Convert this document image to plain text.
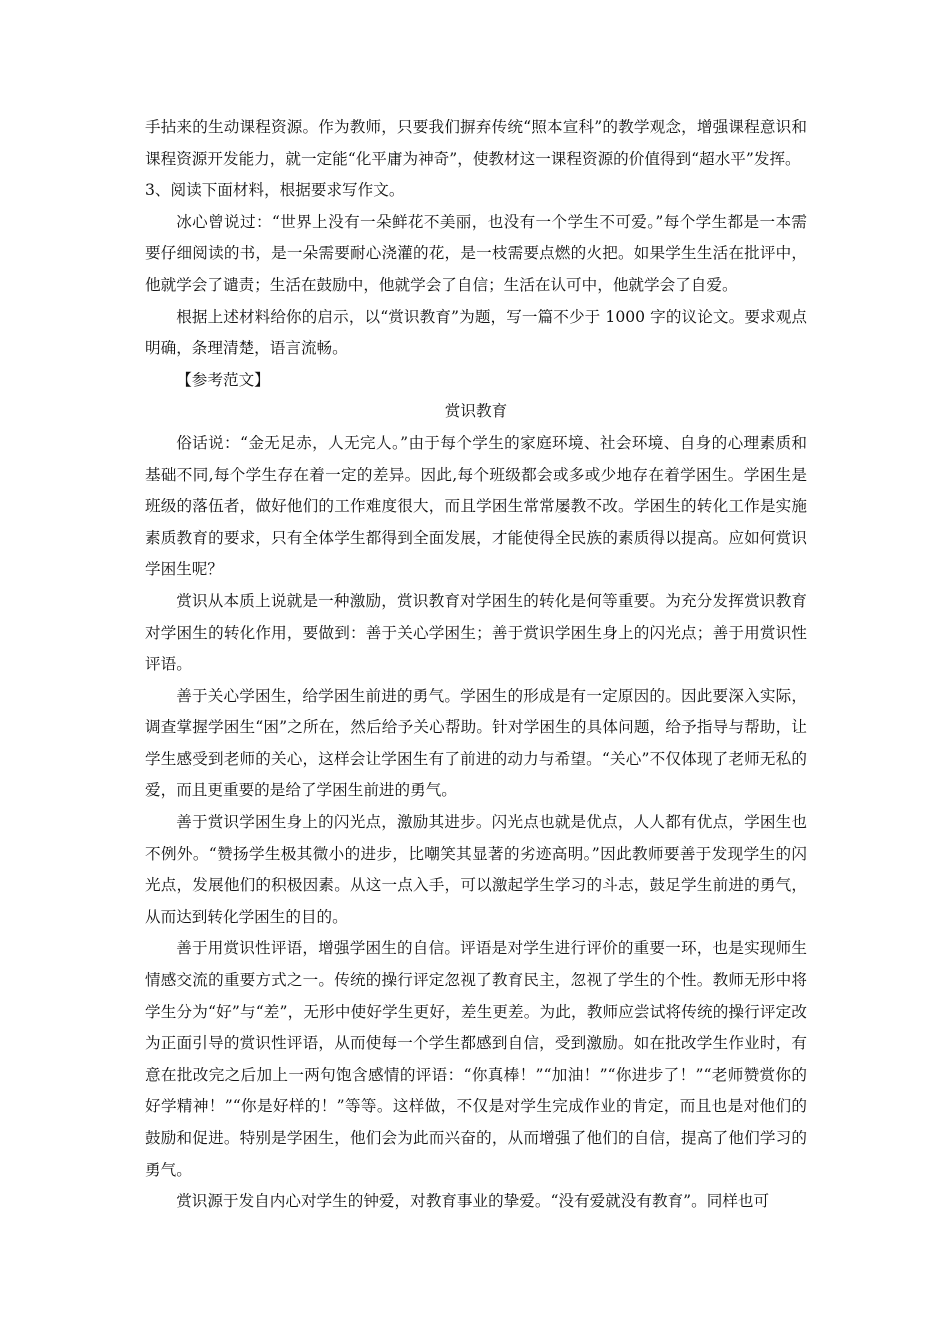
手拈来的生动课程资源。作为教师，只要我们摒弃传统“照本宣科”的教学观念，增强课程意识和课程资源开发能力，就一定能“化平庸为神奇”，使教材这一课程资源的价值得到“超水平”发挥。

3、阅读下面材料，根据要求写作文。

冰心曾说过：“世界上没有一朵鲜花不美丽，也没有一个学生不可爱。”每个学生都是一本需要仔细阅读的书，是一朵需要耐心浇灌的花，是一枝需要点燃的火把。如果学生生活在批评中，他就学会了谴责；生活在鼓励中，他就学会了自信；生活在认可中，他就学会了自爱。

根据上述材料给你的启示，以“赏识教育”为题，写一篇不少于 1000 字的议论文。要求观点明确，条理清楚，语言流畅。

【参考范文】

赏识教育

俗话说：“金无足赤，人无完人。”由于每个学生的家庭环境、社会环境、自身的心理素质和基础不同,每个学生存在着一定的差异。因此,每个班级都会或多或少地存在着学困生。学困生是班级的落伍者，做好他们的工作难度很大，而且学困生常常屡教不改。学困生的转化工作是实施素质教育的要求，只有全体学生都得到全面发展，才能使得全民族的素质得以提高。应如何赏识学困生呢？

赏识从本质上说就是一种激励，赏识教育对学困生的转化是何等重要。为充分发挥赏识教育对学困生的转化作用，要做到：善于关心学困生；善于赏识学困生身上的闪光点；善于用赏识性评语。

善于关心学困生，给学困生前进的勇气。学困生的形成是有一定原因的。因此要深入实际，调查掌握学困生“困”之所在，然后给予关心帮助。针对学困生的具体问题，给予指导与帮助，让学生感受到老师的关心，这样会让学困生有了前进的动力与希望。“关心”不仅体现了老师无私的爱，而且更重要的是给了学困生前进的勇气。

善于赏识学困生身上的闪光点，激励其进步。闪光点也就是优点，人人都有优点，学困生也不例外。“赞扬学生极其微小的进步，比嘲笑其显著的劣迹高明。”因此教师要善于发现学生的闪光点，发展他们的积极因素。从这一点入手，可以激起学生学习的斗志，鼓足学生前进的勇气，从而达到转化学困生的目的。

善于用赏识性评语，增强学困生的自信。评语是对学生进行评价的重要一环，也是实现师生情感交流的重要方式之一。传统的操行评定忽视了教育民主，忽视了学生的个性。教师无形中将学生分为“好”与“差”，无形中使好学生更好，差生更差。为此，教师应尝试将传统的操行评定改为正面引导的赏识性评语，从而使每一个学生都感到自信，受到激励。如在批改学生作业时，有意在批改完之后加上一两句饱含感情的评语：“你真棒！”“加油！”“你进步了！”“老师赞赏你的好学精神！”“你是好样的！”等等。这样做，不仅是对学生完成作业的肯定，而且也是对他们的鼓励和促进。特别是学困生，他们会为此而兴奋的，从而增强了他们的自信，提高了他们学习的勇气。

赏识源于发自内心对学生的钟爱，对教育事业的挚爱。“没有爱就没有教育”。同样也可
